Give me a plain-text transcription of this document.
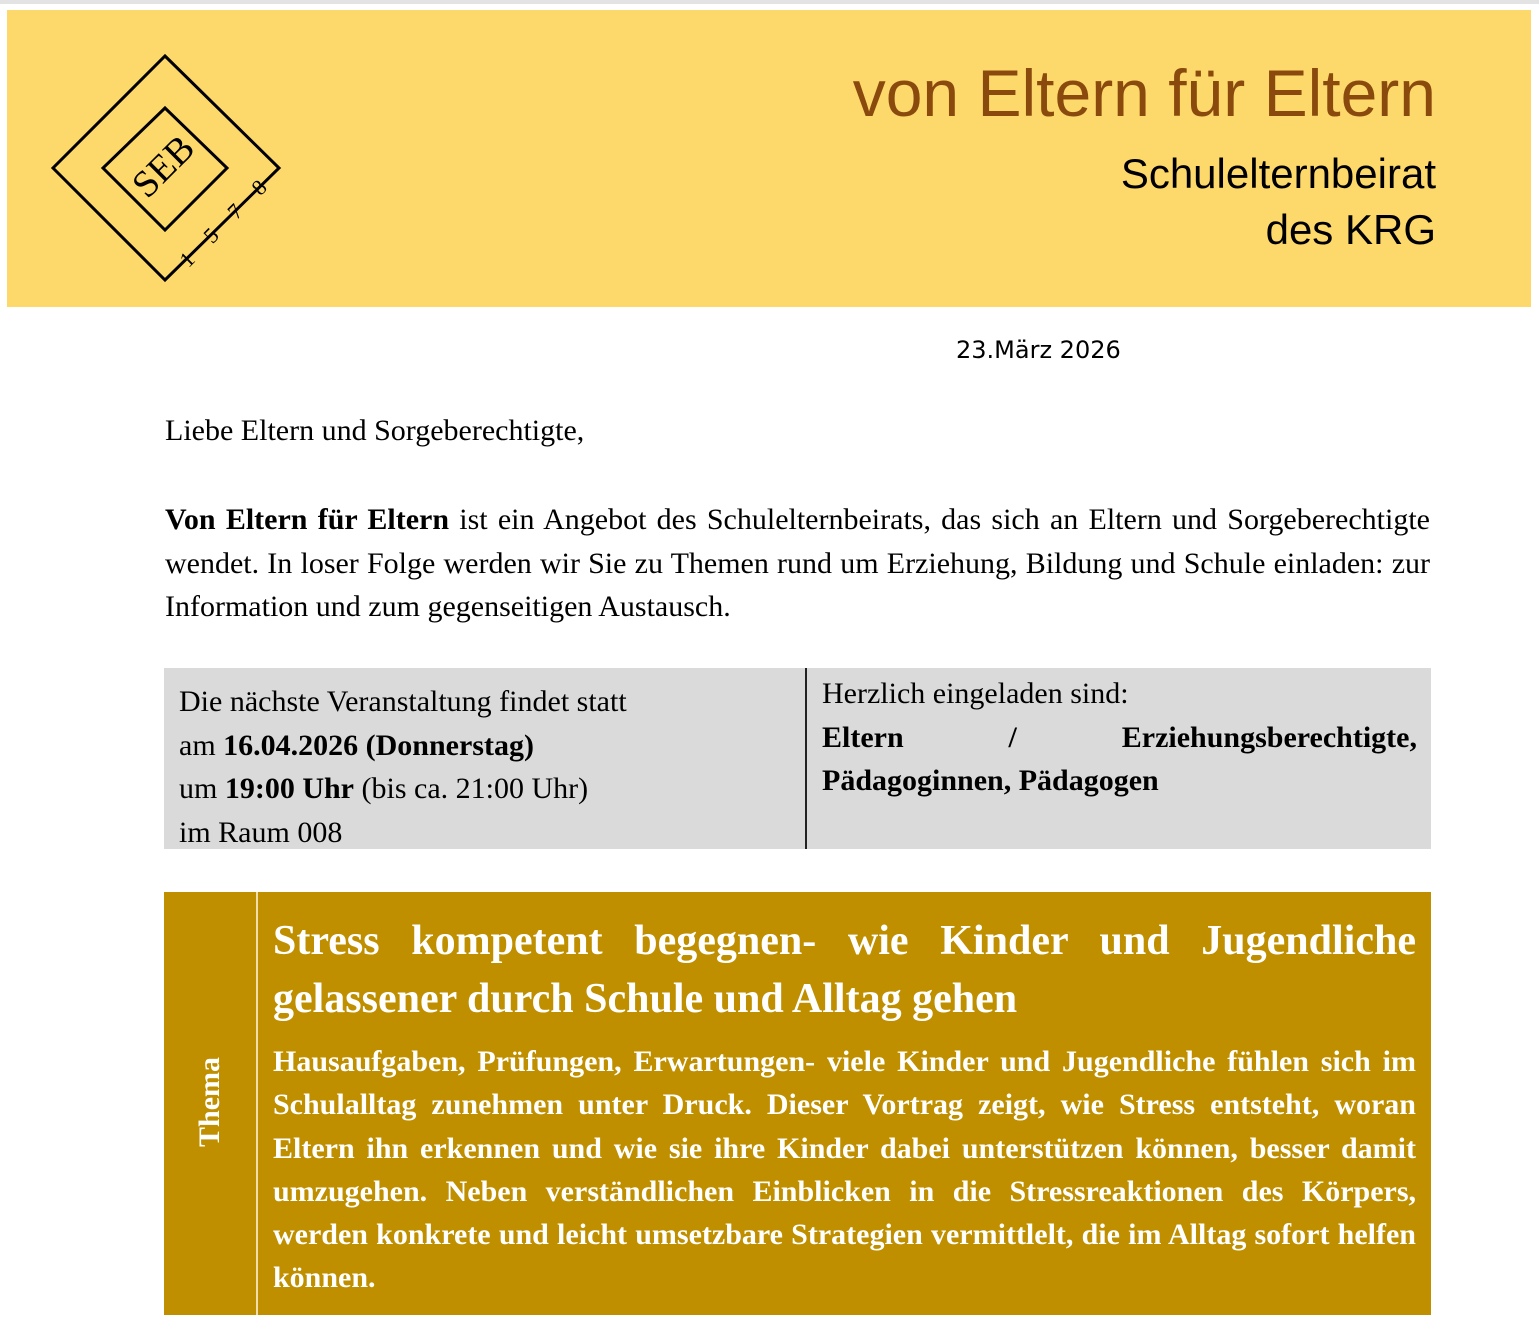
SEB
1
5
7
8
von Eltern für Eltern
Schulelternbeirat
des KRG
23.März 2026
Liebe Eltern und Sorgeberechtigte,
Von Eltern für Eltern ist ein Angebot des Schulelternbeirats, das sich an Eltern und Sorgeberechtigte wendet. In loser Folge werden wir Sie zu Themen rund um Erziehung, Bildung und Schule einladen: zur Information und zum gegenseitigen Austausch.
Die nächste Veranstaltung findet statt
am 16.04.2026 (Donnerstag)
um 19:00 Uhr (bis ca. 21:00 Uhr)
im Raum 008
Herzlich eingeladen sind:
Eltern / Erziehungsberechtigte,
Pädagoginnen, Pädagogen
Thema
Stress kompetent begegnen- wie Kinder und Jugendliche gelassener durch Schule und Alltag gehen
Hausaufgaben, Prüfungen, Erwartungen- viele Kinder und Jugendliche fühlen sich im Schulalltag zunehmen unter Druck. Dieser Vortrag zeigt, wie Stress entsteht, woran Eltern ihn erkennen und wie sie ihre Kinder dabei unterstützen können, besser damit umzugehen. Neben verständlichen Einblicken in die Stressreaktionen des Körpers, werden konkrete und leicht umsetzbare Strategien vermittlelt, die im Alltag sofort helfen können.
